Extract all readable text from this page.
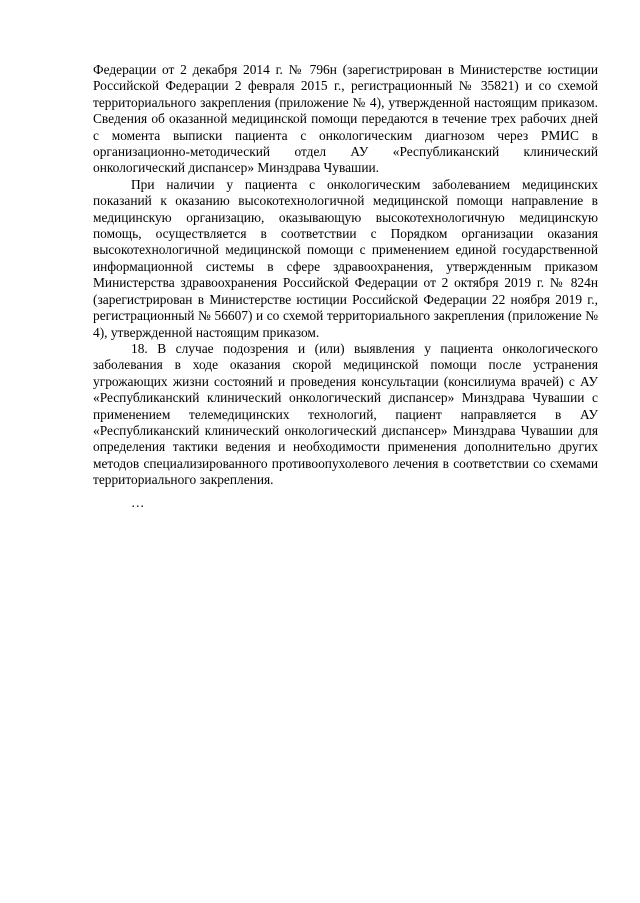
Федерации от 2 декабря 2014 г. № 796н (зарегистрирован в Министерстве юстиции Российской Федерации 2 февраля 2015 г., регистрационный № 35821) и со схемой территориального закрепления (приложение № 4), утвержденной настоящим приказом. Сведения об оказанной медицинской помощи передаются в течение трех рабочих дней с момента выписки пациента с онкологическим диагнозом через РМИС в организационно-методический отдел АУ «Республиканский клинический онкологический диспансер» Минздрава Чувашии.

При наличии у пациента с онкологическим заболеванием медицинских показаний к оказанию высокотехнологичной медицинской помощи направление в медицинскую организацию, оказывающую высокотехнологичную медицинскую помощь, осуществляется в соответствии с Порядком организации оказания высокотехнологичной медицинской помощи с применением единой государственной информационной системы в сфере здравоохранения, утвержденным приказом Министерства здравоохранения Российской Федерации от 2 октября 2019 г. № 824н (зарегистрирован в Министерстве юстиции Российской Федерации 22 ноября 2019 г., регистрационный № 56607) и со схемой территориального закрепления (приложение № 4), утвержденной настоящим приказом.

18. В случае подозрения и (или) выявления у пациента онкологического заболевания в ходе оказания скорой медицинской помощи после устранения угрожающих жизни состояний и проведения консультации (консилиума врачей) с АУ «Республиканский клинический онкологический диспансер» Минздрава Чувашии с применением телемедицинских технологий, пациент направляется в АУ «Республиканский клинический онкологический диспансер» Минздрава Чувашии для определения тактики ведения и необходимости применения дополнительно других методов специализированного противоопухолевого лечения в соответствии со схемами территориального закрепления.

…
